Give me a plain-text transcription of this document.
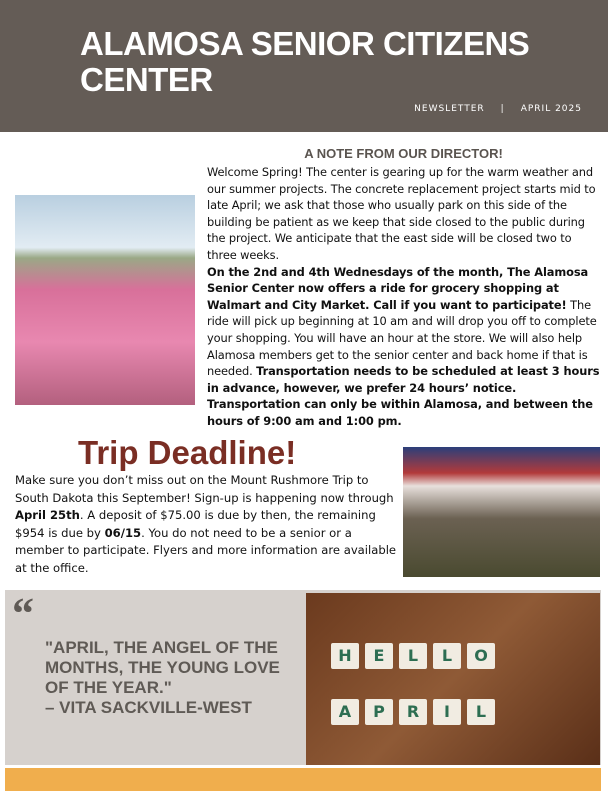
ALAMOSA SENIOR CITIZENS CENTER
NEWSLETTER | APRIL 2025
A NOTE FROM OUR DIRECTOR!
Welcome Spring! The center is gearing up for the warm weather and our summer projects. The concrete replacement project starts mid to late April; we ask that those who usually park on this side of the building be patient as we keep that side closed to the public during the project. We anticipate that the east side will be closed two to three weeks.
On the 2nd and 4th Wednesdays of the month, The Alamosa Senior Center now offers a ride for grocery shopping at Walmart and City Market. Call if you want to participate! The ride will pick up beginning at 10 am and will drop you off to complete your shopping. You will have an hour at the store. We will also help Alamosa members get to the senior center and back home if that is needed. Transportation needs to be scheduled at least 3 hours in advance, however, we prefer 24 hours’ notice. Transportation can only be within Alamosa, and between the hours of 9:00 am and 1:00 pm.
Trip Deadline!
Make sure you don’t miss out on the Mount Rushmore Trip to South Dakota this September! Sign-up is happening now through April 25th. A deposit of $75.00 is due by then, the remaining $954 is due by 06/15. You do not need to be a senior or a member to participate. Flyers and more information are available at the office.
“
"APRIL, THE ANGEL OF THE MONTHS, THE YOUNG LOVE OF THE YEAR."
– VITA SACKVILLE-WEST
H	E	L	L	O
A	P	R	I	L
